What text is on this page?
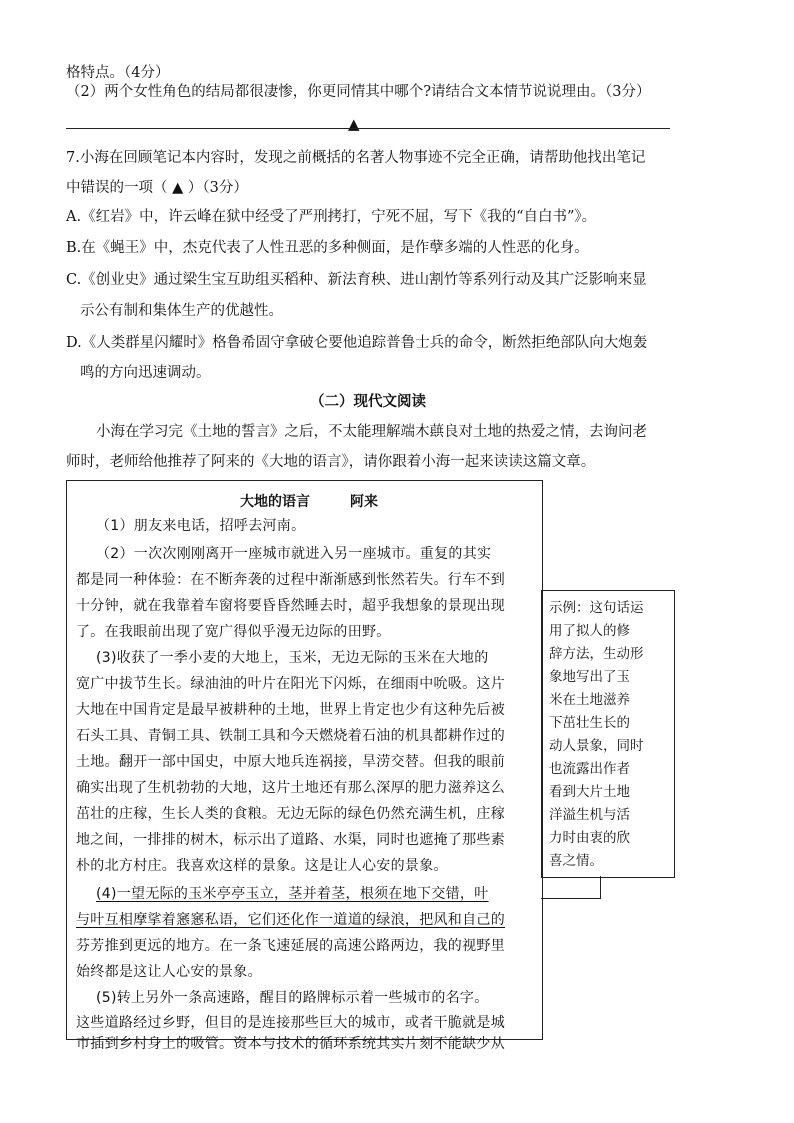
格特点。（4分）
（2）两个女性角色的结局都很凄惨，你更同情其中哪个?请结合文本情节说说理由。（3分）
▲
7.小海在回顾笔记本内容时，发现之前概括的名著人物事迹不完全正确，请帮助他找出笔记
中错误的一项（ ▲ ）（3分）
A.《红岩》中，许云峰在狱中经受了严刑拷打，宁死不屈，写下《我的“自白书”》。
B.在《蝇王》中，杰克代表了人性丑恶的多种侧面，是作孽多端的人性恶的化身。
C.《创业史》通过梁生宝互助组买稻种、新法育秧、进山割竹等系列行动及其广泛影响来显
示公有制和集体生产的优越性。
D.《人类群星闪耀时》格鲁希固守拿破仑要他追踪普鲁士兵的命令，断然拒绝部队向大炮轰
鸣的方向迅速调动。
（二）现代文阅读
小海在学习完《土地的誓言》之后，不太能理解端木蕻良对土地的热爱之情，去询问老
师时，老师给他推荐了阿来的《大地的语言》，请你跟着小海一起来读读这篇文章。
大地的语言	阿来
（1）朋友来电话，招呼去河南。
（2）一次次刚刚离开一座城市就进入另一座城市。重复的其实
都是同一种体验：在不断奔袭的过程中渐渐感到怅然若失。行车不到
十分钟，就在我靠着车窗将要昏昏然睡去时，超乎我想象的景现出现
了。在我眼前出现了宽广得似乎漫无边际的田野。
(3)收获了一季小麦的大地上，玉米，无边无际的玉米在大地的
宽广中拔节生长。绿油油的叶片在阳光下闪烁，在细雨中吮吸。这片
大地在中国肯定是最早被耕种的土地，世界上肯定也少有这种先后被
石头工具、青铜工具、铁制工具和今天燃烧着石油的机具都耕作过的
土地。翻开一部中国史，中原大地兵连祸接，旱涝交替。但我的眼前
确实出现了生机勃勃的大地，这片土地还有那么深厚的肥力滋养这么
茁壮的庄稼，生长人类的食粮。无边无际的绿色仍然充满生机，庄稼
地之间，一排排的树木，标示出了道路、水渠，同时也遮掩了那些素
朴的北方村庄。我喜欢这样的景象。这是让人心安的景象。
(4)一望无际的玉米亭亭玉立，茎并着茎，根须在地下交错，叶
与叶互相摩挲着窸窸私语，它们还化作一道道的绿浪，把风和自己的
芬芳推到更远的地方。在一条飞速延展的高速公路两边，我的视野里
始终都是这让人心安的景象。
(5)转上另外一条高速路，醒目的路牌标示着一些城市的名字。
这些道路经过乡野，但目的是连接那些巨大的城市，或者干脆就是城
市插到乡村身上的吸管。资本与技术的循环系统其实片刻不能缺少从
示例：这句话运
用了拟人的修
辞方法，生动形
象地写出了玉
米在土地滋养
下茁壮生长的
动人景象，同时
也流露出作者
看到大片土地
洋溢生机与活
力时由衷的欣
喜之情。
